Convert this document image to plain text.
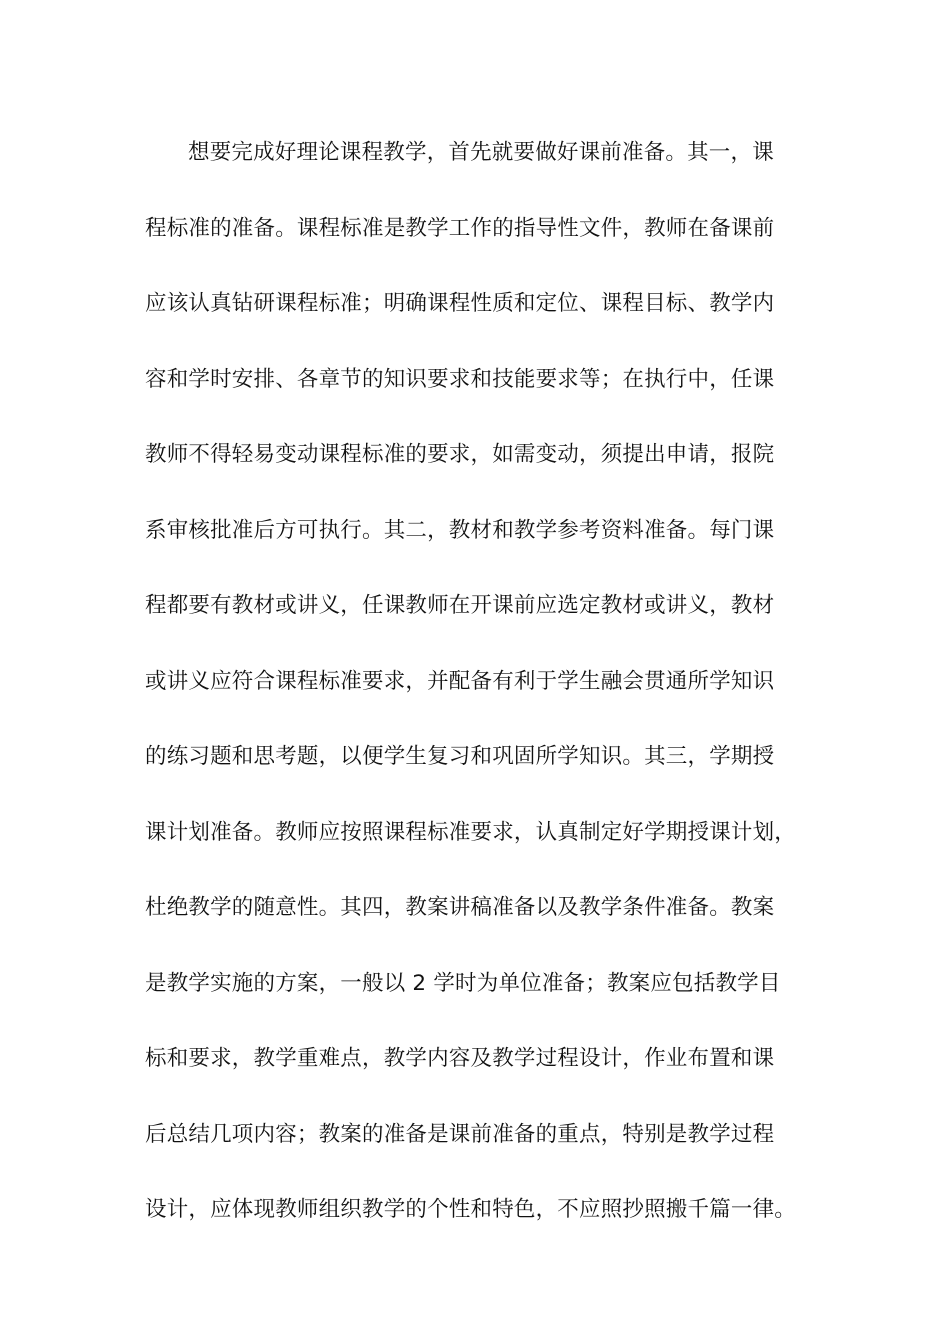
想要完成好理论课程教学，首先就要做好课前准备。其一，课
程标准的准备。课程标准是教学工作的指导性文件，教师在备课前
应该认真钻研课程标准；明确课程性质和定位、课程目标、教学内
容和学时安排、各章节的知识要求和技能要求等；在执行中，任课
教师不得轻易变动课程标准的要求，如需变动，须提出申请，报院
系审核批准后方可执行。其二，教材和教学参考资料准备。每门课
程都要有教材或讲义，任课教师在开课前应选定教材或讲义，教材
或讲义应符合课程标准要求，并配备有利于学生融会贯通所学知识
的练习题和思考题，以便学生复习和巩固所学知识。其三，学期授
课计划准备。教师应按照课程标准要求，认真制定好学期授课计划，
杜绝教学的随意性。其四，教案讲稿准备以及教学条件准备。教案
是教学实施的方案，一般以 2 学时为单位准备；教案应包括教学目
标和要求，教学重难点，教学内容及教学过程设计，作业布置和课
后总结几项内容；教案的准备是课前准备的重点，特别是教学过程
设计，应体现教师组织教学的个性和特色，不应照抄照搬千篇一律。
